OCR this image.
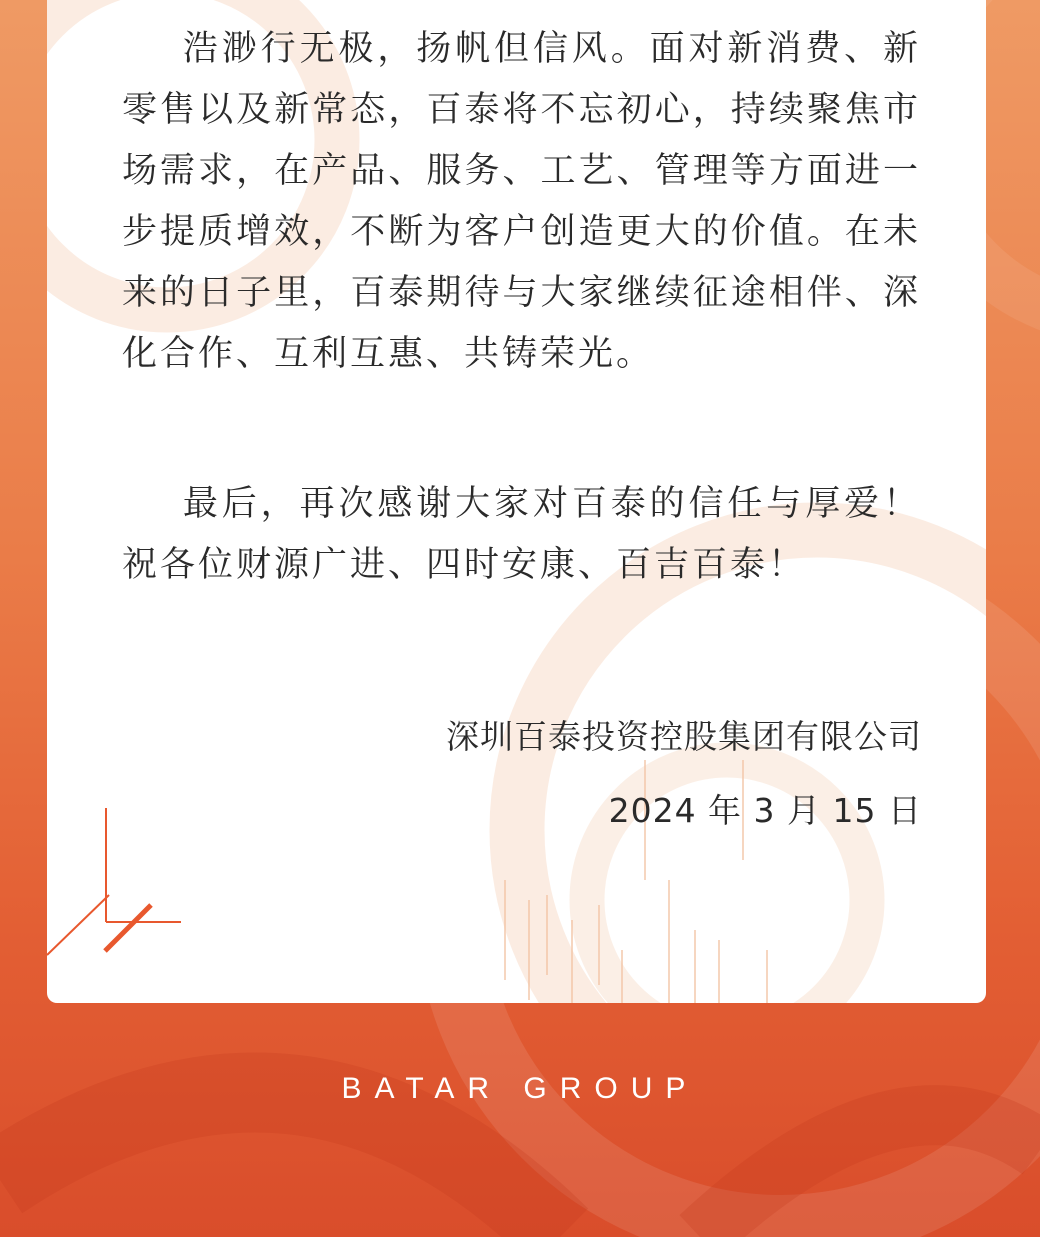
浩渺行无极，扬帆但信风。面对新消费、新零售以及新常态，百泰将不忘初心，持续聚焦市场需求，在产品、服务、工艺、管理等方面进一步提质增效，不断为客户创造更大的价值。在未来的日子里，百泰期待与大家继续征途相伴、深化合作、互利互惠、共铸荣光。
最后，再次感谢大家对百泰的信任与厚爱！祝各位财源广进、四时安康、百吉百泰！
深圳百泰投资控股集团有限公司
2024 年 3 月 15 日
BATAR GROUP
